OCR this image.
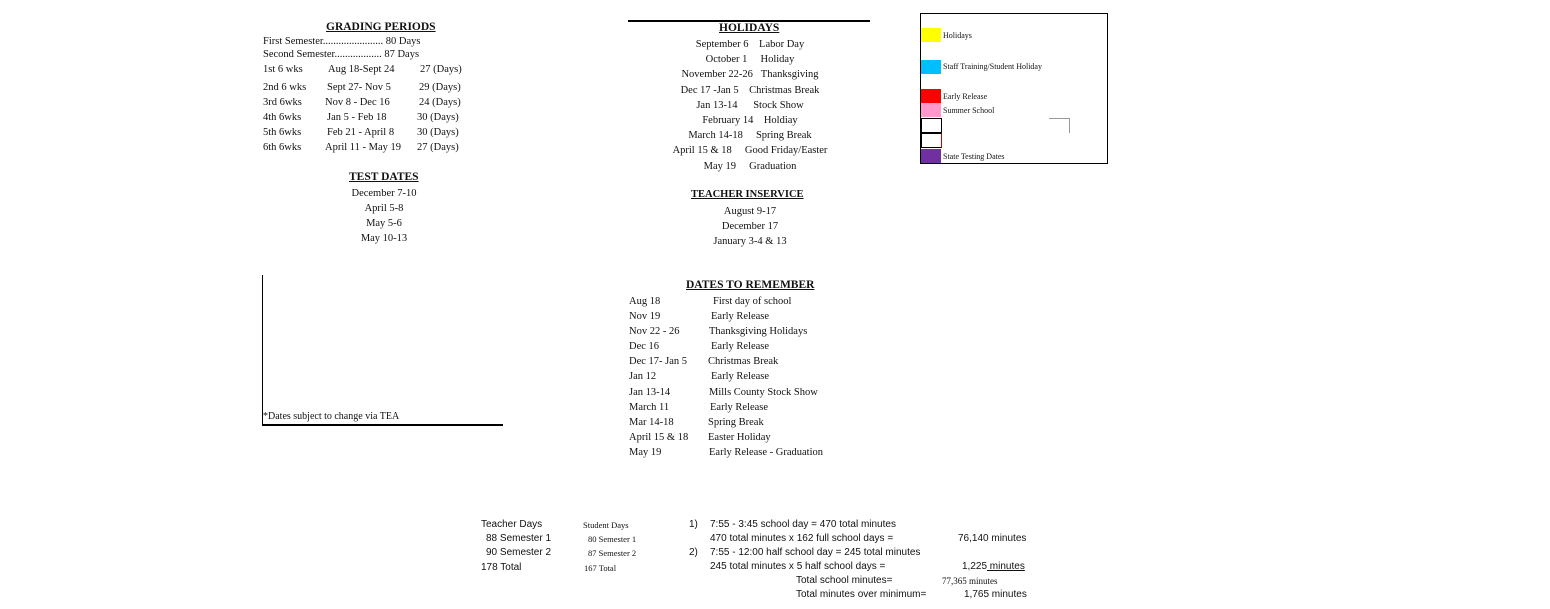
GRADING PERIODS
First Semester....................... 80 Days
Second Semester.................. 87 Days
1st 6 wks Aug 18-Sept 24 27 (Days)
2nd 6 wks Sept 27- Nov 5	29 (Days)
3rd 6wks Nov 8 - Dec 16	24 (Days)
4th 6wks Jan 5 - Feb 18	30 (Days)
5th 6wks Feb 21 - April 8 30 (Days)
6th 6wks April 11 - May 19 27 (Days)
TEST DATES
December 7-10
April 5-8
May 5-6
May 10-13
*Dates subject to change via TEA
HOLIDAYS
September 6 Labor Day
October 1 Holiday
November 22-26 Thanksgiving
Dec 17 -Jan 5 Christmas Break
Jan 13-14 Stock Show
February 14 Holdiay
March 14-18 Spring Break
April 15 & 18 Good Friday/Easter
May 19 Graduation
TEACHER INSERVICE
August 9-17
December 17
January 3-4 & 13
DATES TO REMEMBER
Aug 18	First day of school
Nov 19	Early Release
Nov 22 - 26	Thanksgiving Holidays
Dec 16	Early Release
Dec 17- Jan 5 Christmas Break
Jan 12	Early Release
Jan 13-14	Mills County Stock Show
March 11	Early Release
Mar 14-18	Spring Break
April 15 & 18 Easter Holiday
May 19	Early Release - Graduation
Holidays
Staff Training/Student Holiday
Early Release
Summer School
State Testing Dates
Teacher Days
88 Semester 1
90 Semester 2
178 Total
Student Days
80 Semester 1
87 Semester 2
167 Total
1) 7:55 - 3:45 school day = 470 total minutes
470 total minutes x 162 full school days =	76,140 minutes
2) 7:55 - 12:00 half school day = 245 total minutes
245 total minutes x 5 half school days =	1,225 minutes
Total school minutes=	77,365 minutes
Total minutes over minimum=	1,765 minutes
